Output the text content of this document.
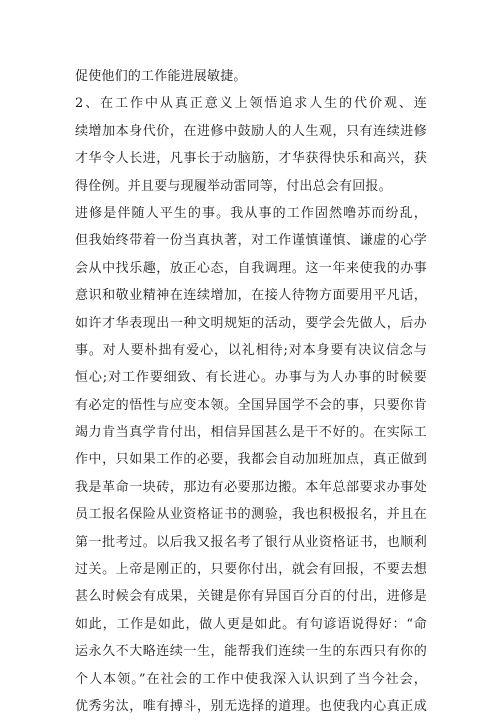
促使他们的工作能进展敏捷。
2、在工作中从真正意义上领悟追求人生的代价观、连
续增加本身代价，在进修中鼓励人的人生观，只有连续进修
才华令人长进，凡事长于动脑筋，才华获得快乐和高兴，获
得佺例。并且要与现履举动雷同等，付出总会有回报。
进修是伴随人平生的事。我从事的工作固然噜苏而纷乱，
但我始终带着一份当真执著，对工作谨慎谨慎、谦虚的心学
会从中找乐趣，放正心态，自我调理。这一年来使我的办事
意识和敬业精神在连续增加，在接人待物方面要用平凡话，
如许才华表现出一种文明规矩的活动，要学会先做人，后办
事。对人要朴拙有爱心，以礼相待;对本身要有决议信念与
恒心;对工作要细致、有长进心。办事与为人办事的时候要
有必定的悟性与应变本领。全国异国学不会的事，只要你肯
竭力肯当真学肯付出，相信异国甚么是干不好的。在实际工
作中，只如果工作的必要，我都会自动加班加点，真正做到
我是革命一块砖，那边有必要那边搬。本年总部要求办事处
员工报名保险从业资格证书的测验，我也积极报名，并且在
第一批考过。以后我又报名考了银行从业资格证书，也顺利
过关。上帝是刚正的，只要你付出，就会有回报，不要去想
甚么时候会有成果，关键是你有异国百分百的付出，进修是
如此，工作是如此，做人更是如此。有句谚语说得好：“命
运永久不大略连续一生，能帮我们连续一生的东西只有你的
个人本领。”在社会的工作中使我深入认识到了当今社会，
优秀劣汰，唯有搏斗，别无选择的道理。也使我内心真正成
